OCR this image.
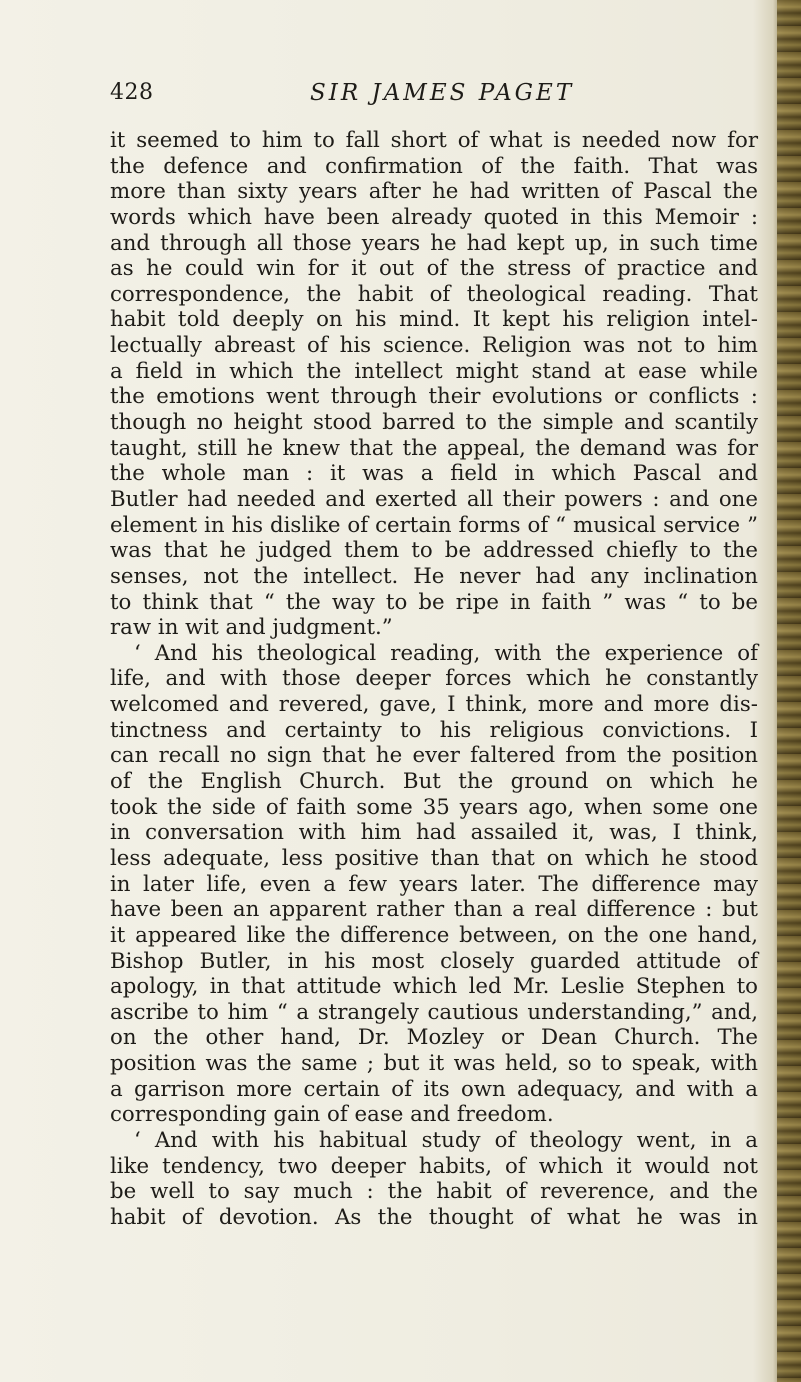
428	SIR JAMES PAGET
it seemed to him to fall short of what is needed now for
the defence and confirmation of the faith. That was
more than sixty years after he had written of Pascal the
words which have been already quoted in this Memoir :
and through all those years he had kept up, in such time
as he could win for it out of the stress of practice and
correspondence, the habit of theological reading. That
habit told deeply on his mind. It kept his religion intel-
lectually abreast of his science. Religion was not to him
a field in which the intellect might stand at ease while
the emotions went through their evolutions or conflicts :
though no height stood barred to the simple and scantily
taught, still he knew that the appeal, the demand was for
the whole man : it was a field in which Pascal and
Butler had needed and exerted all their powers : and one
element in his dislike of certain forms of “ musical service ”
was that he judged them to be addressed chiefly to the
senses, not the intellect. He never had any inclination
to think that “ the way to be ripe in faith ” was “ to be
raw in wit and judgment.”
‘ And his theological reading, with the experience of
life, and with those deeper forces which he constantly
welcomed and revered, gave, I think, more and more dis-
tinctness and certainty to his religious convictions. I
can recall no sign that he ever faltered from the position
of the English Church. But the ground on which he
took the side of faith some 35 years ago, when some one
in conversation with him had assailed it, was, I think,
less adequate, less positive than that on which he stood
in later life, even a few years later. The difference may
have been an apparent rather than a real difference : but
it appeared like the difference between, on the one hand,
Bishop Butler, in his most closely guarded attitude of
apology, in that attitude which led Mr. Leslie Stephen to
ascribe to him “ a strangely cautious understanding,” and,
on the other hand, Dr. Mozley or Dean Church. The
position was the same ; but it was held, so to speak, with
a garrison more certain of its own adequacy, and with a
corresponding gain of ease and freedom.
‘ And with his habitual study of theology went, in a
like tendency, two deeper habits, of which it would not
be well to say much : the habit of reverence, and the
habit of devotion. As the thought of what he was in
